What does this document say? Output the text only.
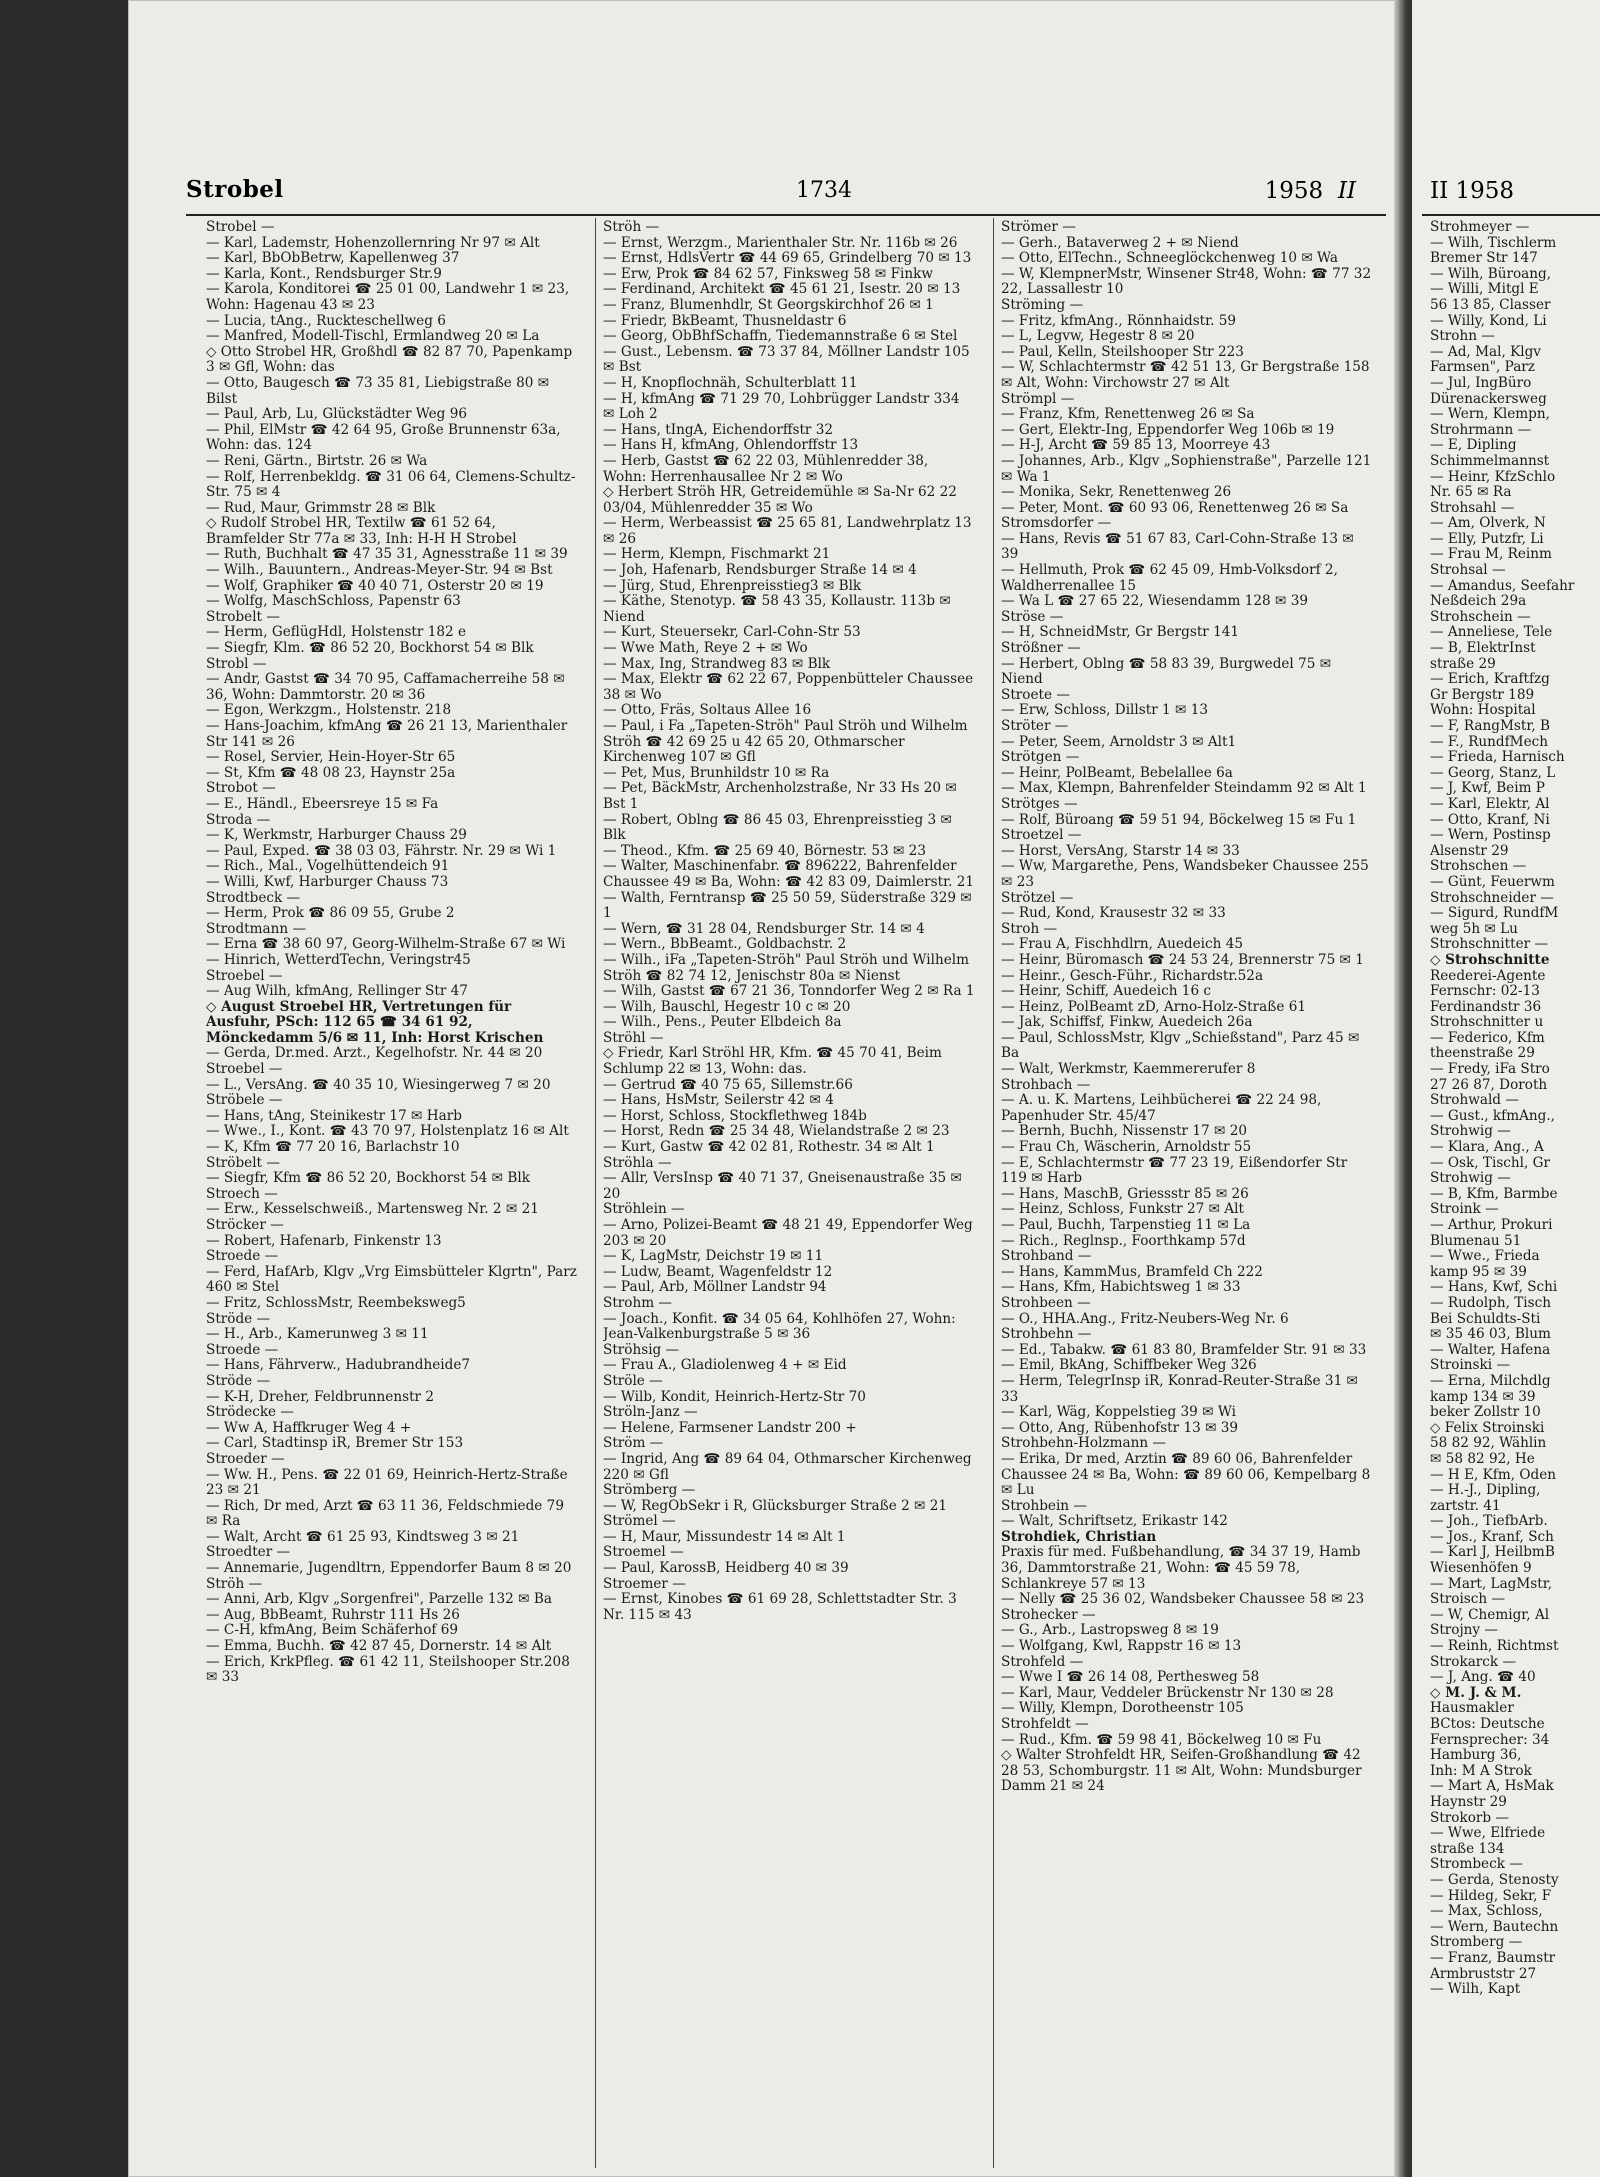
Strobel	1734	1958 II
Strobel —
— Karl, Lademstr, Hohenzollernring Nr 97 ✉ Alt
— Karl, BbObBetrw, Kapellenweg 37
— Karla, Kont., Rendsburger Str.9
— Karola, Konditorei ☎ 25 01 00, Landwehr 1 ✉ 23, Wohn: Hagenau 43 ✉ 23
— Lucia, tAng., Ruckteschellweg 6
— Manfred, Modell-Tischl, Ermlandweg 20 ✉ La
◇ Otto Strobel HR, Großhdl ☎ 82 87 70, Papenkamp 3 ✉ Gfl, Wohn: das
— Otto, Baugesch ☎ 73 35 81, Liebigstraße 80 ✉ Bilst
— Paul, Arb, Lu, Glückstädter Weg 96
— Phil, ElMstr ☎ 42 64 95, Große Brunnenstr 63a, Wohn: das. 124
— Reni, Gärtn., Birtstr. 26 ✉ Wa
— Rolf, Herrenbekldg. ☎ 31 06 64, Clemens-Schultz-Str. 75 ✉ 4
— Rud, Maur, Grimmstr 28 ✉ Blk
◇ Rudolf Strobel HR, Textilw ☎ 61 52 64, Bramfelder Str 77a ✉ 33, Inh: H-H H Strobel
— Ruth, Buchhalt ☎ 47 35 31, Agnesstraße 11 ✉ 39
— Wilh., Bauuntern., Andreas-Meyer-Str. 94 ✉ Bst
— Wolf, Graphiker ☎ 40 40 71, Osterstr 20 ✉ 19
— Wolfg, MaschSchloss, Papenstr 63
Strobelt —
— Herm, GeflügHdl, Holstenstr 182 e
— Siegfr, Klm. ☎ 86 52 20, Bockhorst 54 ✉ Blk
Strobl —
— Andr, Gastst ☎ 34 70 95, Caffamacherreihe 58 ✉ 36, Wohn: Dammtorstr. 20 ✉ 36
— Egon, Werkzgm., Holstenstr. 218
— Hans-Joachim, kfmAng ☎ 26 21 13, Marienthaler Str 141 ✉ 26
— Rosel, Servier, Hein-Hoyer-Str 65
— St, Kfm ☎ 48 08 23, Haynstr 25a
Strobot —
— E., Händl., Ebeersreye 15 ✉ Fa
Stroda —
— K, Werkmstr, Harburger Chauss 29
— Paul, Exped. ☎ 38 03 03, Fährstr. Nr. 29 ✉ Wi 1
— Rich., Mal., Vogelhüttendeich 91
— Willi, Kwf, Harburger Chauss 73
Strodtbeck —
— Herm, Prok ☎ 86 09 55, Grube 2
Strodtmann —
— Erna ☎ 38 60 97, Georg-Wilhelm-Straße 67 ✉ Wi
— Hinrich, WetterdTechn, Veringstr45
Stroebel —
— Aug Wilh, kfmAng, Rellinger Str 47
◇ August Stroebel HR, Vertretungen für Ausfuhr, PSch: 112 65 ☎ 34 61 92, Mönckedamm 5/6 ✉ 11, Inh: Horst Krischen
— Gerda, Dr.med. Ärzt., Kegelhofstr. Nr. 44 ✉ 20
Stroebel —
— L., VersAng. ☎ 40 35 10, Wiesingerweg 7 ✉ 20
Ströbele —
— Hans, tAng, Steinikestr 17 ✉ Harb
— Wwe., I., Kont. ☎ 43 70 97, Holstenplatz 16 ✉ Alt
— K, Kfm ☎ 77 20 16, Barlachstr 10
Ströbelt —
— Siegfr, Kfm ☎ 86 52 20, Bockhorst 54 ✉ Blk
Stroech —
— Erw., Kesselschweiß., Martensweg Nr. 2 ✉ 21
Ströcker —
— Robert, Hafenarb, Finkenstr 13
Stroede —
— Ferd, HafArb, Klgv „Vrg Eimsbütteler Klgrtn", Parz 460 ✉ Stel
— Fritz, SchlossMstr, Reembeksweg5
Ströde —
— H., Arb., Kamerunweg 3 ✉ 11
Stroede —
— Hans, Fährverw., Hadubrandheide7
Ströde —
— K-H, Dreher, Feldbrunnenstr 2
Strödecke —
— Ww A, Haffkruger Weg 4 +
— Carl, Stadtinsp iR, Bremer Str 153
Stroeder —
— Ww. H., Pens. ☎ 22 01 69, Heinrich-Hertz-Straße 23 ✉ 21
— Rich, Dr med, Arzt ☎ 63 11 36, Feldschmiede 79 ✉ Ra
— Walt, Archt ☎ 61 25 93, Kindtsweg 3 ✉ 21
Stroedter —
— Annemarie, Jugendltrn, Eppendorfer Baum 8 ✉ 20
Ströh —
— Anni, Arb, Klgv „Sorgenfrei", Parzelle 132 ✉ Ba
— Aug, BbBeamt, Ruhrstr 111 Hs 26
— C-H, kfmAng, Beim Schäferhof 69
— Emma, Buchh. ☎ 42 87 45, Dornerstr. 14 ✉ Alt
— Erich, KrkPfleg. ☎ 61 42 11, Steilshooper Str.208 ✉ 33
Ströh —
— Ernst, Werzgm., Marienthaler Str. Nr. 116b ✉ 26
— Ernst, HdlsVertr ☎ 44 69 65, Grindelberg 70 ✉ 13
— Erw, Prok ☎ 84 62 57, Finksweg 58 ✉ Finkw
— Ferdinand, Architekt ☎ 45 61 21, Isestr. 20 ✉ 13
— Franz, Blumenhdlr, St Georgskirchhof 26 ✉ 1
— Friedr, BkBeamt, Thusneldastr 6
— Georg, ObBhfSchaffn, Tiedemannstraße 6 ✉ Stel
— Gust., Lebensm. ☎ 73 37 84, Möllner Landstr 105 ✉ Bst
— H, Knopflochnäh, Schulterblatt 11
— H, kfmAng ☎ 71 29 70, Lohbrügger Landstr 334 ✉ Loh 2
— Hans, tIngA, Eichendorffstr 32
— Hans H, kfmAng, Ohlendorffstr 13
— Herb, Gastst ☎ 62 22 03, Mühlenredder 38, Wohn: Herrenhausallee Nr 2 ✉ Wo
◇ Herbert Ströh HR, Getreidemühle ✉ Sa-Nr 62 22 03/04, Mühlenredder 35 ✉ Wo
— Herm, Werbeassist ☎ 25 65 81, Landwehrplatz 13 ✉ 26
— Herm, Klempn, Fischmarkt 21
— Joh, Hafenarb, Rendsburger Straße 14 ✉ 4
— Jürg, Stud, Ehrenpreisstieg3 ✉ Blk
— Käthe, Stenotyp. ☎ 58 43 35, Kollaustr. 113b ✉ Niend
— Kurt, Steuersekr, Carl-Cohn-Str 53
— Wwe Math, Reye 2 + ✉ Wo
— Max, Ing, Strandweg 83 ✉ Blk
— Max, Elektr ☎ 62 22 67, Poppenbütteler Chaussee 38 ✉ Wo
— Otto, Fräs, Soltaus Allee 16
— Paul, i Fa „Tapeten-Ströh" Paul Ströh und Wilhelm Ströh ☎ 42 69 25 u 42 65 20, Othmarscher Kirchenweg 107 ✉ Gfl
— Pet, Mus, Brunhildstr 10 ✉ Ra
— Pet, BäckMstr, Archenholzstraße, Nr 33 Hs 20 ✉ Bst 1
— Robert, Oblng ☎ 86 45 03, Ehrenpreisstieg 3 ✉ Blk
— Theod., Kfm. ☎ 25 69 40, Börnestr. 53 ✉ 23
— Walter, Maschinenfabr. ☎ 896222, Bahrenfelder Chaussee 49 ✉ Ba, Wohn: ☎ 42 83 09, Daimlerstr. 21
— Walth, Ferntransp ☎ 25 50 59, Süderstraße 329 ✉ 1
— Wern, ☎ 31 28 04, Rendsburger Str. 14 ✉ 4
— Wern., BbBeamt., Goldbachstr. 2
— Wilh., iFa „Tapeten-Ströh" Paul Ströh und Wilhelm Ströh ☎ 82 74 12, Jenischstr 80a ✉ Nienst
— Wilh, Gastst ☎ 67 21 36, Tonndorfer Weg 2 ✉ Ra 1
— Wilh, Bauschl, Hegestr 10 c ✉ 20
— Wilh., Pens., Peuter Elbdeich 8a
Ströhl —
◇ Friedr, Karl Ströhl HR, Kfm. ☎ 45 70 41, Beim Schlump 22 ✉ 13, Wohn: das.
— Gertrud ☎ 40 75 65, Sillemstr.66
— Hans, HsMstr, Seilerstr 42 ✉ 4
— Horst, Schloss, Stockflethweg 184b
— Horst, Redn ☎ 25 34 48, Wielandstraße 2 ✉ 23
— Kurt, Gastw ☎ 42 02 81, Rothestr. 34 ✉ Alt 1
Ströhla —
— Allr, VersInsp ☎ 40 71 37, Gneisenaustraße 35 ✉ 20
Ströhlein —
— Arno, Polizei-Beamt ☎ 48 21 49, Eppendorfer Weg 203 ✉ 20
— K, LagMstr, Deichstr 19 ✉ 11
— Ludw, Beamt, Wagenfeldstr 12
— Paul, Arb, Möllner Landstr 94
Strohm —
— Joach., Konfit. ☎ 34 05 64, Kohlhöfen 27, Wohn: Jean-Valkenburgstraße 5 ✉ 36
Ströhsig —
— Frau A., Gladiolenweg 4 + ✉ Eid
Ströle —
— Wilb, Kondit, Heinrich-Hertz-Str 70
Ströln-Janz —
— Helene, Farmsener Landstr 200 +
Ström —
— Ingrid, Ang ☎ 89 64 04, Othmarscher Kirchenweg 220 ✉ Gfl
Strömberg —
— W, RegObSekr i R, Glücksburger Straße 2 ✉ 21
Strömel —
— H, Maur, Missundestr 14 ✉ Alt 1
Stroemel —
— Paul, KarossB, Heidberg 40 ✉ 39
Stroemer —
— Ernst, Kinobes ☎ 61 69 28, Schlettstadter Str. 3 Nr. 115 ✉ 43
Strömer —
— Gerh., Bataverweg 2 + ✉ Niend
— Otto, ElTechn., Schneeglöckchenweg 10 ✉ Wa
— W, KlempnerMstr, Winsener Str48, Wohn: ☎ 77 32 22, Lassallestr 10
Ströming —
— Fritz, kfmAng., Rönnhaidstr. 59
— L, Legvw, Hegestr 8 ✉ 20
— Paul, Kelln, Steilshooper Str 223
— W, Schlachtermstr ☎ 42 51 13, Gr Bergstraße 158 ✉ Alt, Wohn: Virchowstr 27 ✉ Alt
Strömpl —
— Franz, Kfm, Renettenweg 26 ✉ Sa
— Gert, Elektr-Ing, Eppendorfer Weg 106b ✉ 19
— H-J, Archt ☎ 59 85 13, Moorreye 43
— Johannes, Arb., Klgv „Sophienstraße", Parzelle 121 ✉ Wa 1
— Monika, Sekr, Renettenweg 26
— Peter, Mont. ☎ 60 93 06, Renettenweg 26 ✉ Sa
Stromsdorfer —
— Hans, Revis ☎ 51 67 83, Carl-Cohn-Straße 13 ✉ 39
— Hellmuth, Prok ☎ 62 45 09, Hmb-Volksdorf 2, Waldherrenallee 15
— Wa L ☎ 27 65 22, Wiesendamm 128 ✉ 39
Ströse —
— H, SchneidMstr, Gr Bergstr 141
Strößner —
— Herbert, Oblng ☎ 58 83 39, Burgwedel 75 ✉ Niend
Stroete —
— Erw, Schloss, Dillstr 1 ✉ 13
Ströter —
— Peter, Seem, Arnoldstr 3 ✉ Alt1
Strötgen —
— Heinr, PolBeamt, Bebelallee 6a
— Max, Klempn, Bahrenfelder Steindamm 92 ✉ Alt 1
Strötges —
— Rolf, Büroang ☎ 59 51 94, Böckelweg 15 ✉ Fu 1
Stroetzel —
— Horst, VersAng, Starstr 14 ✉ 33
— Ww, Margarethe, Pens, Wandsbeker Chaussee 255 ✉ 23
Strötzel —
— Rud, Kond, Krausestr 32 ✉ 33
Stroh —
— Frau A, Fischhdlrn, Auedeich 45
— Heinr, Büromasch ☎ 24 53 24, Brennerstr 75 ✉ 1
— Heinr., Gesch-Führ., Richardstr.52a
— Heinr, Schiff, Auedeich 16 c
— Heinz, PolBeamt zD, Arno-Holz-Straße 61
— Jak, Schiffsf, Finkw, Auedeich 26a
— Paul, SchlossMstr, Klgv „Schießstand", Parz 45 ✉ Ba
— Walt, Werkmstr, Kaemmererufer 8
Strohbach —
— A. u. K. Martens, Leihbücherei ☎ 22 24 98, Papenhuder Str. 45/47
— Bernh, Buchh, Nissenstr 17 ✉ 20
— Frau Ch, Wäscherin, Arnoldstr 55
— E, Schlachtermstr ☎ 77 23 19, Eißendorfer Str 119 ✉ Harb
— Hans, MaschB, Griessstr 85 ✉ 26
— Heinz, Schloss, Funkstr 27 ✉ Alt
— Paul, Buchh, Tarpenstieg 11 ✉ La
— Rich., Reglnsp., Foorthkamp 57d
Strohband —
— Hans, KammMus, Bramfeld Ch 222
— Hans, Kfm, Habichtsweg 1 ✉ 33
Strohbeen —
— O., HHA.Ang., Fritz-Neubers-Weg Nr. 6
Strohbehn —
— Ed., Tabakw. ☎ 61 83 80, Bramfelder Str. 91 ✉ 33
— Emil, BkAng, Schiffbeker Weg 326
— Herm, TelegrInsp iR, Konrad-Reuter-Straße 31 ✉ 33
— Karl, Wäg, Koppelstieg 39 ✉ Wi
— Otto, Ang, Rübenhofstr 13 ✉ 39
Strohbehn-Holzmann —
— Erika, Dr med, Ärztin ☎ 89 60 06, Bahrenfelder Chaussee 24 ✉ Ba, Wohn: ☎ 89 60 06, Kempelbarg 8 ✉ Lu
Strohbein —
— Walt, Schriftsetz, Erikastr 142
Strohdiek, Christian
Praxis für med. Fußbehandlung, ☎ 34 37 19, Hamb 36, Dammtorstraße 21, Wohn: ☎ 45 59 78, Schlankreye 57 ✉ 13
— Nelly ☎ 25 36 02, Wandsbeker Chaussee 58 ✉ 23
Strohecker —
— G., Arb., Lastropsweg 8 ✉ 19
— Wolfgang, Kwl, Rappstr 16 ✉ 13
Strohfeld —
— Wwe I ☎ 26 14 08, Perthesweg 58
— Karl, Maur, Veddeler Brückenstr Nr 130 ✉ 28
— Willy, Klempn, Dorotheenstr 105
Strohfeldt —
— Rud., Kfm. ☎ 59 98 41, Böckelweg 10 ✉ Fu
◇ Walter Strohfeldt HR, Seifen-Großhandlung ☎ 42 28 53, Schomburgstr. 11 ✉ Alt, Wohn: Mundsburger Damm 21 ✉ 24
II 1958
Strohmeyer —
— Wilh, Tischlerm
Bremer Str 147
— Wilh, Büroang,
— Willi, Mitgl E
56 13 85, Classer
— Willy, Kond, Li
Strohn —
— Ad, Mal, Klgv
Farmsen", Parz
— Jul, IngBüro
Dürenackersweg
— Wern, Klempn,
Strohrmann —
— E, Dipling
Schimmelmannst
— Heinr, KfzSchlo
Nr. 65 ✉ Ra
Strohsahl —
— Am, Olverk, N
— Elly, Putzfr, Li
— Frau M, Reinm
Strohsal —
— Amandus, Seefahr
Neßdeich 29a
Strohschein —
— Anneliese, Tele
— B, ElektrInst
straße 29
— Erich, Kraftfzg
Gr Bergstr 189
Wohn: Hospital
— F, RangMstr, B
— F., RundfMech
— Frieda, Harnisch
— Georg, Stanz, L
— J, Kwf, Beim P
— Karl, Elektr, Al
— Otto, Kranf, Ni
— Wern, Postinsp
Alsenstr 29
Strohschen —
— Günt, Feuerwm
Strohschneider —
— Sigurd, RundfM
weg 5h ✉ Lu
Strohschnitter —
◇ Strohschnitte
Reederei-Agente
Fernschr: 02-13
Ferdinandstr 36
Strohschnitter u
— Federico, Kfm
theenstraße 29
— Fredy, iFa Stro
27 26 87, Doroth
Strohwald —
— Gust., kfmAng.,
Strohwig —
— Klara, Ang., A
— Osk, Tischl, Gr
Strohwig —
— B, Kfm, Barmbe
Stroink —
— Arthur, Prokuri
Blumenau 51
— Wwe., Frieda
kamp 95 ✉ 39
— Hans, Kwf, Schi
— Rudolph, Tisch
Bei Schuldts-Sti
✉ 35 46 03, Blum
— Walter, Hafena
Stroinski —
— Erna, Milchdlg
kamp 134 ✉ 39
beker Zollstr 10
◇ Felix Stroinski
58 82 92, Wählin
✉ 58 82 92, He
— H E, Kfm, Oden
— H.-J., Dipling,
zartstr. 41
— Joh., TiefbArb.
— Jos., Kranf, Sch
— Karl J, HeilbmB
Wiesenhöfen 9
— Mart, LagMstr,
Stroisch —
— W, Chemigr, Al
Strojny —
— Reinh, Richtmst
Strokarck —
— J, Ang. ☎ 40
◇ M. J. & M.
Hausmakler
BCtos: Deutsche
Fernsprecher: 34
Hamburg 36,
Inh: M A Strok
— Mart A, HsMak
Haynstr 29
Strokorb —
— Wwe, Elfriede
straße 134
Strombeck —
— Gerda, Stenosty
— Hildeg, Sekr, F
— Max, Schloss,
— Wern, Bautechn
Stromberg —
— Franz, Baumstr
Armbruststr 27
— Wilh, Kapt
